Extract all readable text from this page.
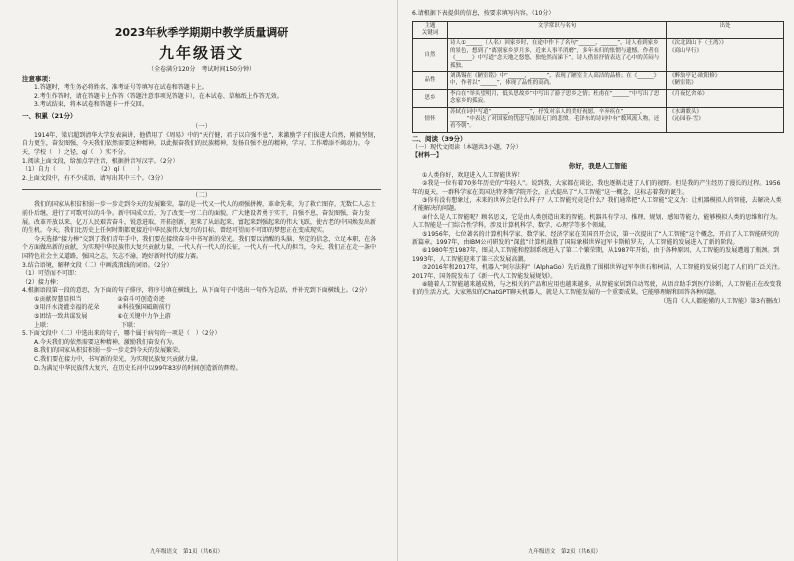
2023年秋季学期期中教学质量调研
九年级语文
（全卷满分120分　考试时间150分钟）
注意事项：

1.答题时，考生务必将姓名、准考证号等填写在试卷和答题卡上。

2.考生作答时，请在答题卡上作答（答题注意事项见答题卡），在本试卷、草稿纸上作答无效。

3.考试结束，将本试卷和答题卡一并交回。

一、积累（21分）
（一）

1914年，梁启超到清华大学发表演讲，他借用了《周易》中的“天行健，君子以自强不息”，来激励学子们拔进大自然，刚毅坚韧，自力更生，奋发图强，今天我们依然需要这种精神，以此振奋我们的民族精神，发扬自强不息的精神，学习、工作增添不竭动力。今天，学校（　）之径，qí（　）实不分。

1.阅读上面文段，给加点字注音，根据拼音写汉字。（2分）

（1）自力（　　）　　　　　（2）qí（　　）

2.上面文段中，有不少成语，请写出其中三个。（3分）

（二）

我们的国家从积贫积弱一步一步走到今天的发展繁荣，靠的是一代又一代人的顽强拼搏，革命先辈，为了救亡图存，无数仁人志士前仆后继，进行了可歌可泣的斗争。新中国成立后，为了改变一穷二白的面貌，广大建设者勇于实干，自强不息，奋发图强，奋力发展，改革开放以来，亿万人民艰苦奋斗，锐意进取，开拓创新，迎来了从站起来、富起来到强起来的伟大飞跃，使古老的中国焕发出新的生机。今天，我们比历史上任何时期都更接近中华民族伟大复兴的目标，曾经可望而不可即的梦想正在变成现实。

今天选择“接力棒”交到了我们青年手中，我们要在接续奋斗中书写新的荣光。我们要以清醒的头脑、坚定的信念，立足本职，在各个方面做出新的贡献，为实现中华民族伟大复兴贡献力量，一代人有一代人的长征，一代人有一代人的担当，今天，我们正在走一条中国特色社会主义道路，强国之志，矢志不渝，跑好新时代的接力赛。

3.结合语境，解释文段（二）中画波浪线的词语。（2分）

（1）可望而不可即：

（2）接力棒：

4.根据语段第一段的意思，为下面的句子排序，将序号填在横线上，从下面句子中选出一句作为总括，并补充到下面横线上。（2分）

①贡献智慧显担当　　　　　　②奋斗可创造奇迹

③用汗水浇灌幸福的花朵　　　④科技强国砥砺前行

⑤团结一致共谋发展　　　　　⑥在关键中力争上游

上联：　　　　　　　　　　　　下联：

5.下面文段中（二）中选出来的句子，哪个属于病句的一项是（　）（2分）

A.今天我们的依然需要这种精神，激励我们奋发有为。

B.我们的国家从积贫积弱一步一步走到今天的发展繁荣。

C.我们要在接力中，书写新的荣光，为实现民族复兴贡献力量。

D.为满足中华民族伟大复兴，在历史长河中以99年83岁的时间创造新的辉煌。

九年级语文　第1页（共6页）

6.请根据下表提供的信息，按要求填写内容。（10分）

主题
关键词	文学常识与名句	出处
自然	诗人①______（人名）回家乡时，在途中作下了名句“______，______”，诗人看到家乡的景色，想到了“离别家乡岁月多，近来人事半消磨”，多年未归的怅惘与遗憾。作者在《______》中写道“念天地之悠悠，独怆然而涕下”，诗人借景抒情表达了心中的苦闷与孤独。	《次北固山下（王湾）》
《商山早行》
品性	刘禹锡在《陋室铭》中“______，______”，表现了陋室主人高洁的品格；在《______》中，作者以“______”，体现了品性的高尚。	《醉翁亭记·欧阳修》
《陋室铭》
思乡	李白在“举头望明月，低头思故乡”中写出了游子思乡之情；杜甫在“______”中写出了思念家乡的孤寂。	《月夜忆舍弟》
情怀	苏轼在词中写道“______，______”，抒发对亲人的美好祝愿。辛弃疾在“______，______”中表达了对国家的忧虑与报国无门的悲愤。毛泽东的诗词中有“数风流人物，还看今朝”。	《水调歌头》
《沁园春·雪》
二、阅读（39分）

（一）现代文阅读（本题共3小题，7分）

【材料一】

你好，我是人工智能

①人类你好，欢迎进入人工智能世界！

②我是一位有着70多年历史的“年轻人”。说到我，大家都在谈论，我也逐渐走进了人们的视野。但是我的产生经历了漫长的过程。1956年的夏天，一群科学家在美国达特茅斯学院开会，正式提出了“人工智能”这一概念，这标志着我的诞生。

③你有没有想象过，未来的世界会是什么样子？人工智能究竟是什么？我们通常把“人工智能”定义为：让机器模拟人的智能，去解决人类才能解决的问题。

④什么是人工智能呢？顾名思义，它是由人类创造出来的智能。机器具有学习、推理、规划、感知等能力，能够模拟人类的思维和行为。人工智能是一门综合性学科，涉及计算机科学、数学、心理学等多个领域。

⑤1956年，七位著名的计算机科学家、数学家、经济学家在美国召开会议，第一次提出了“人工智能”这个概念，开启了人工智能研究的新篇章。1997年，由IBM公司研发的“深蓝”计算机战胜了国际象棋世界冠军卡斯帕罗夫，人工智能的发展进入了新的阶段。

⑥1980年至1987年，图灵人工智能和控制系统进入了第二个繁荣期，从1987年开始，由于各种原因，人工智能的发展遭遇了瓶颈。到1993年，人工智能迎来了第三次发展高潮。

⑦2016年和2017年，机器人“阿尔法狗”（AlphaGo）先后战胜了围棋世界冠军李世石和柯洁，人工智能的发展引起了人们的广泛关注。2017年，国务院发布了《新一代人工智能发展规划》。

⑧随着人工智能越来越成熟，与之相关的产品和应用也越来越多，从智能家居到自动驾驶，从语音助手到医疗诊断，人工智能正在改变我们的生活方式。大家熟知的ChatGPT聊天机器人，就是人工智能发展的一个重要成果，它能够理解和回答各种问题。

（选自《人人都能懂的人工智能》第3有删改）

九年级语文　第2页（共6页）
